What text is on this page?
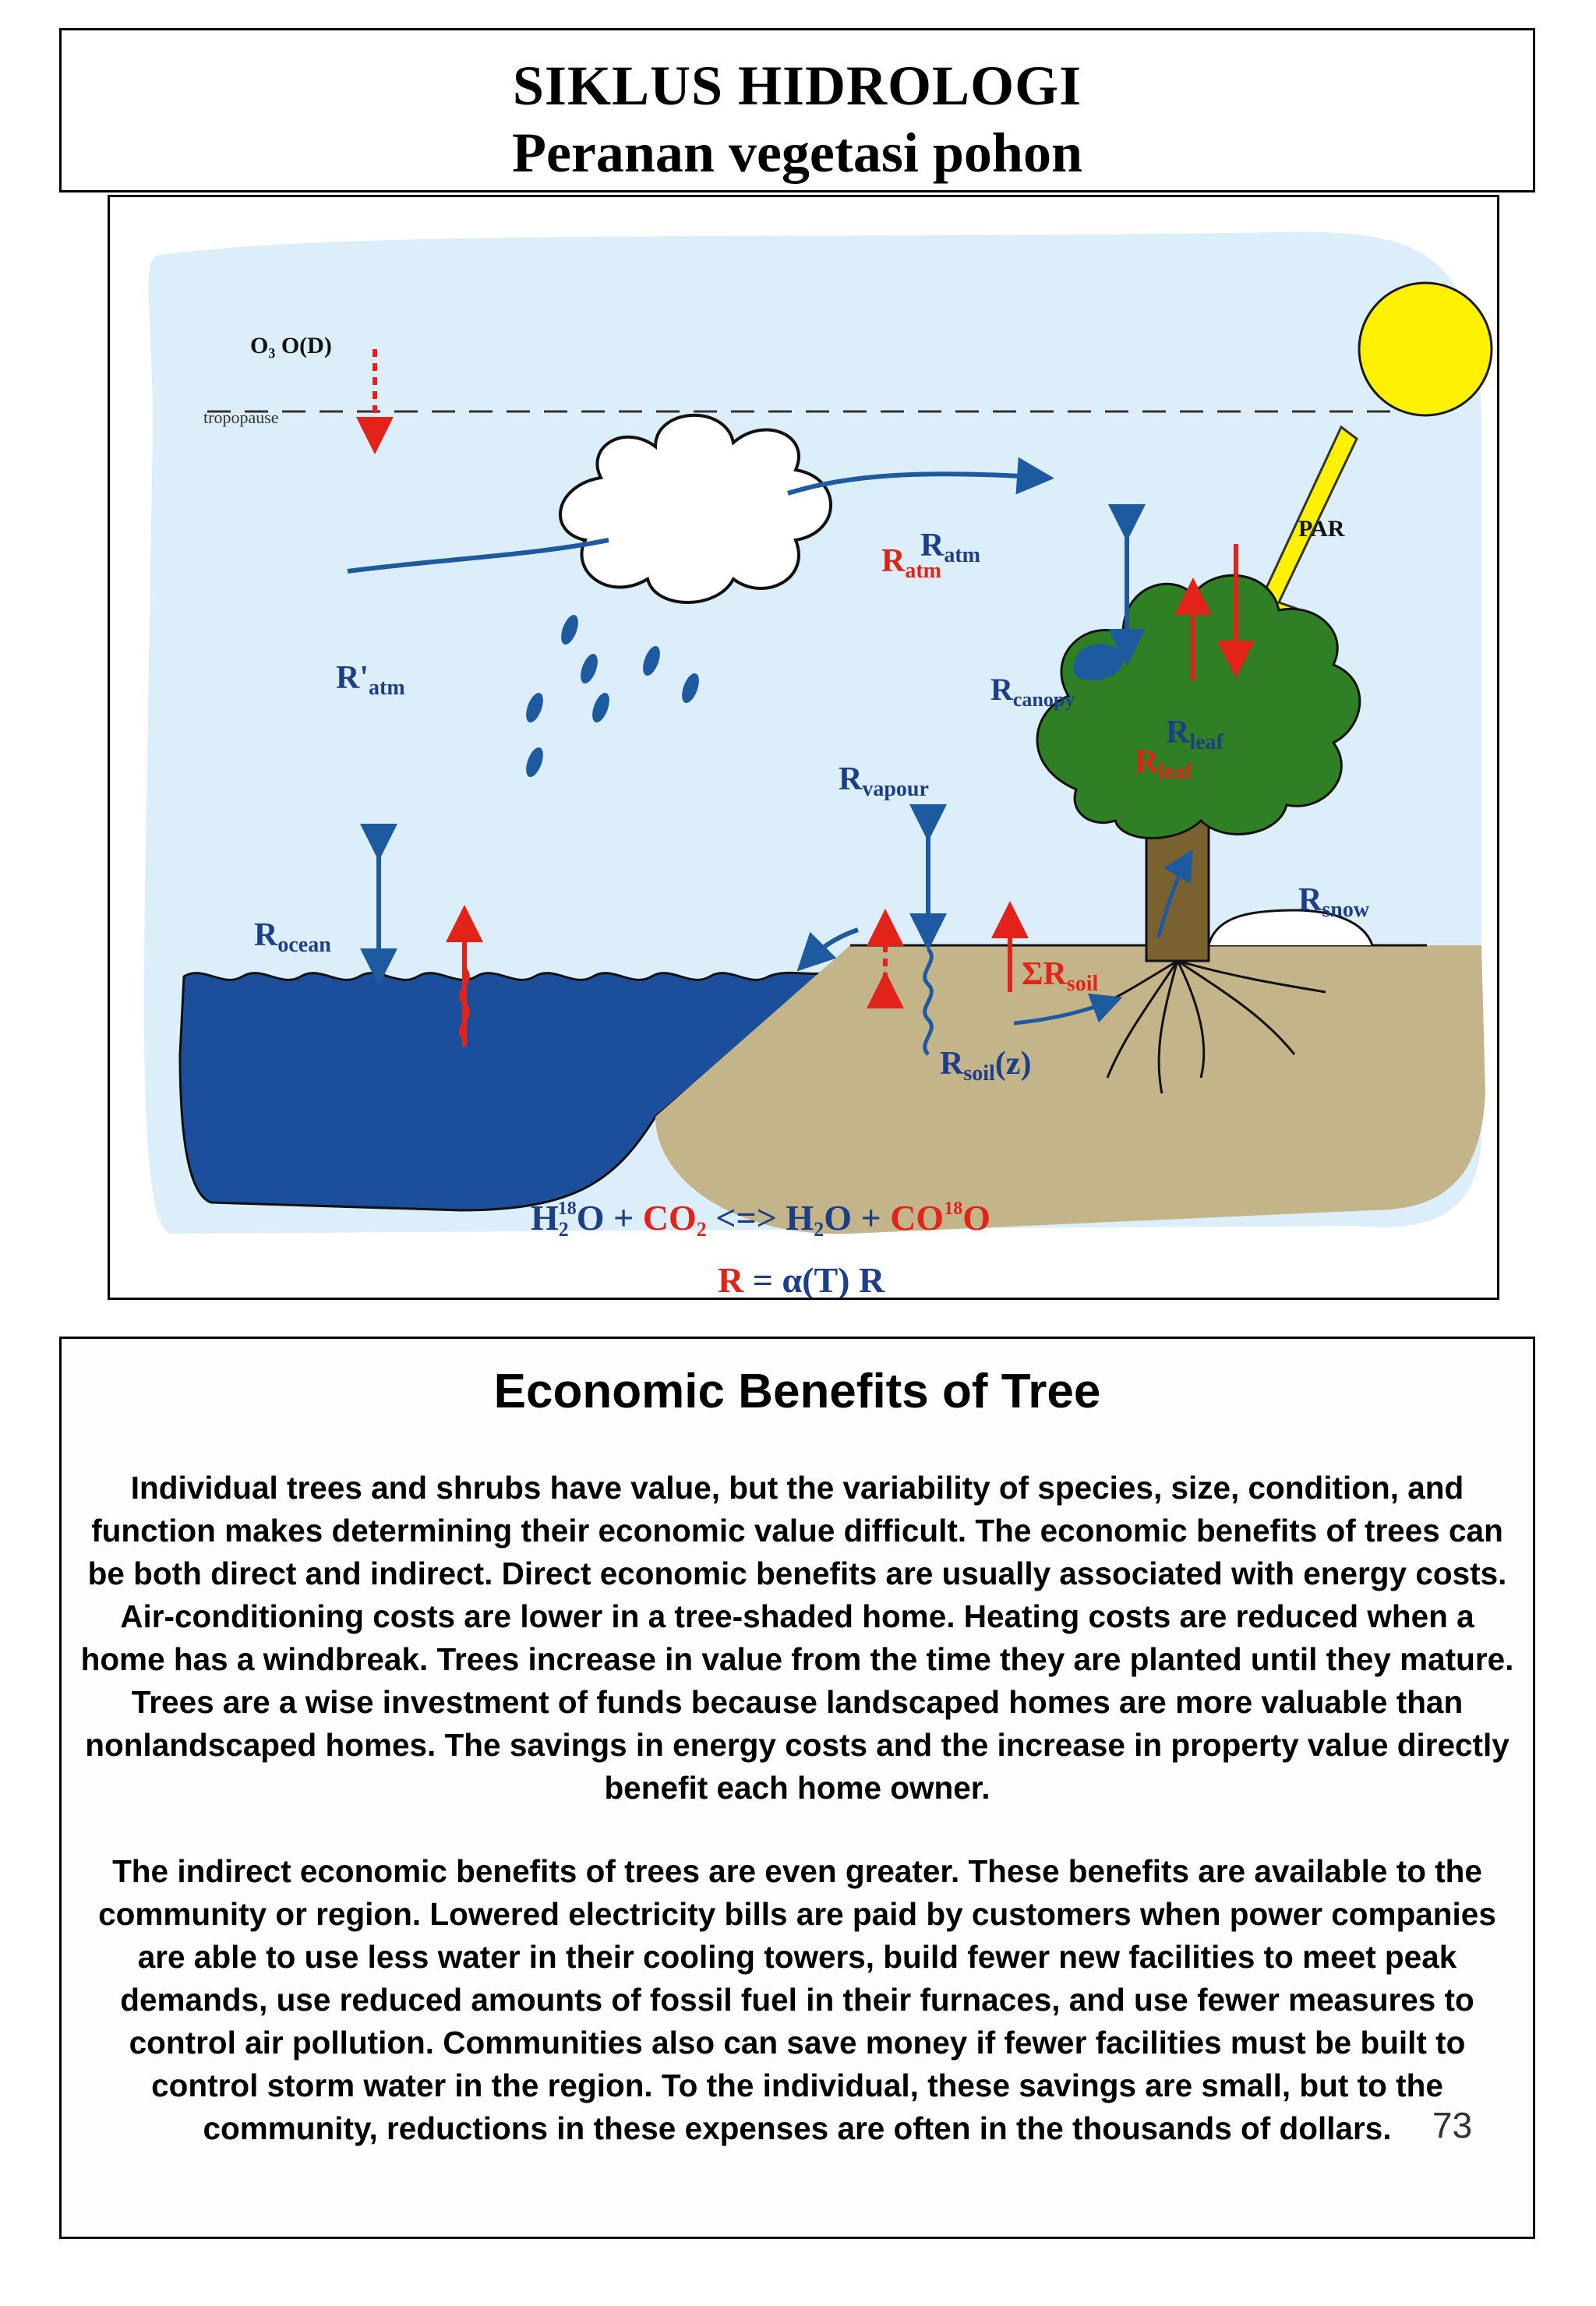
SIKLUS HIDROLOGI
Peranan vegetasi pohon
tropopause
O₃ O(D)
PAR
Ratm
Ratm
R'atm
Rsnow
$R_{canopy}$
Rleaf
Rleaf
Rvapour
ΣRsoil
Rsoil(z)
Rocean
H218O + CO2 <=> $H2O + CO^{18}O$
R = α(T) R
Economic Benefits of Tree
Individual trees and shrubs have value, but the variability of species, size, condition, and function makes determining their economic value difficult. The economic benefits of trees can be both direct and indirect. Direct economic benefits are usually associated with energy costs. Air-conditioning costs are lower in a tree-shaded home. Heating costs are reduced when a home has a windbreak. Trees increase in value from the time they are planted until they mature. Trees are a wise investment of funds because landscaped homes are more valuable than nonlandscaped homes. The savings in energy costs and the increase in property value directly benefit each home owner.
The indirect economic benefits of trees are even greater. These benefits are available to the community or region. Lowered electricity bills are paid by customers when power companies are able to use less water in their cooling towers, build fewer new facilities to meet peak demands, use reduced amounts of fossil fuel in their furnaces, and use fewer measures to control air pollution. Communities also can save money if fewer facilities must be built to control storm water in the region. To the individual, these savings are small, but to the community, reductions in these expenses are often in the thousands of dollars.	73
